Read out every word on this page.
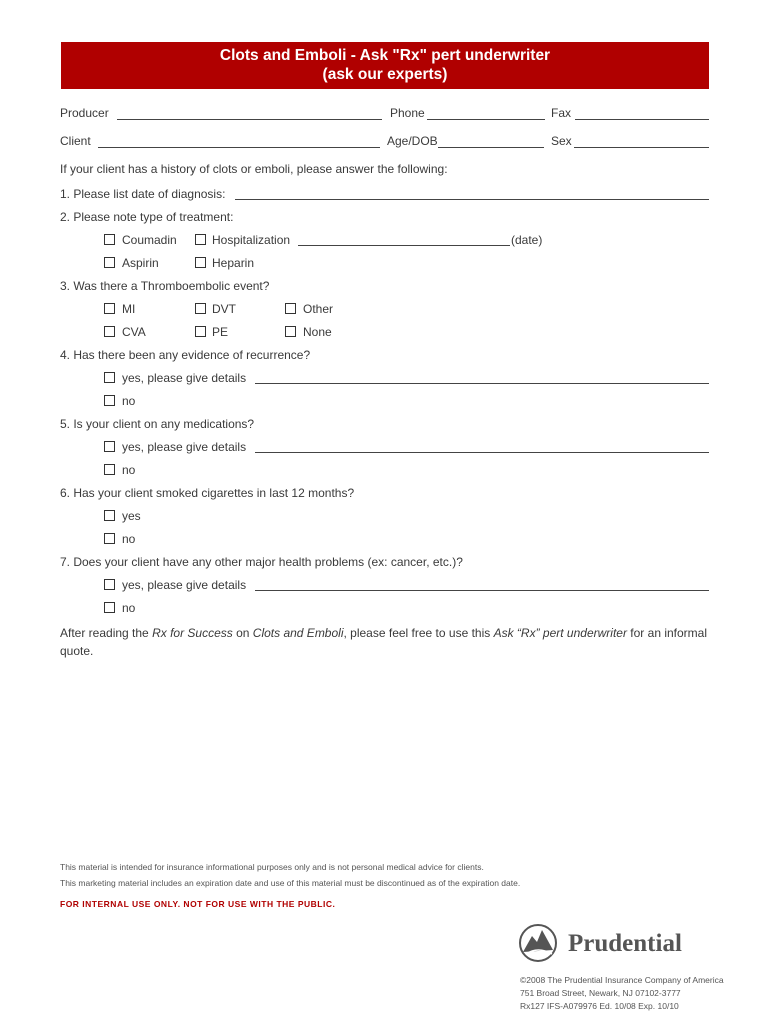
Clots and Emboli - Ask "Rx" pert underwriter
(ask our experts)
Producer	Phone	Fax
Client	Age/DOB	Sex
If your client has a history of clots or emboli, please answer the following:
1. Please list date of diagnosis:
2. Please note type of treatment:
Coumadin	Hospitalization	(date)
Aspirin	Heparin
3. Was there a Thromboembolic event?
MI	DVT	Other
CVA	PE	None
4. Has there been any evidence of recurrence?
yes, please give details
no
5. Is your client on any medications?
yes, please give details
no
6. Has your client smoked cigarettes in last 12 months?
yes
no
7. Does your client have any other major health problems (ex: cancer, etc.)?
yes, please give details
no
After reading the Rx for Success on Clots and Emboli, please feel free to use this Ask “Rx” pert underwriter for an informal quote.
This material is intended for insurance informational purposes only and is not personal medical advice for clients.
This marketing material includes an expiration date and use of this material must be discontinued as of the expiration date.
FOR INTERNAL USE ONLY. NOT FOR USE WITH THE PUBLIC.
Prudential
©2008 The Prudential Insurance Company of America
751 Broad Street, Newark, NJ 07102-3777
Rx127 IFS-A079976 Ed. 10/08 Exp. 10/10
